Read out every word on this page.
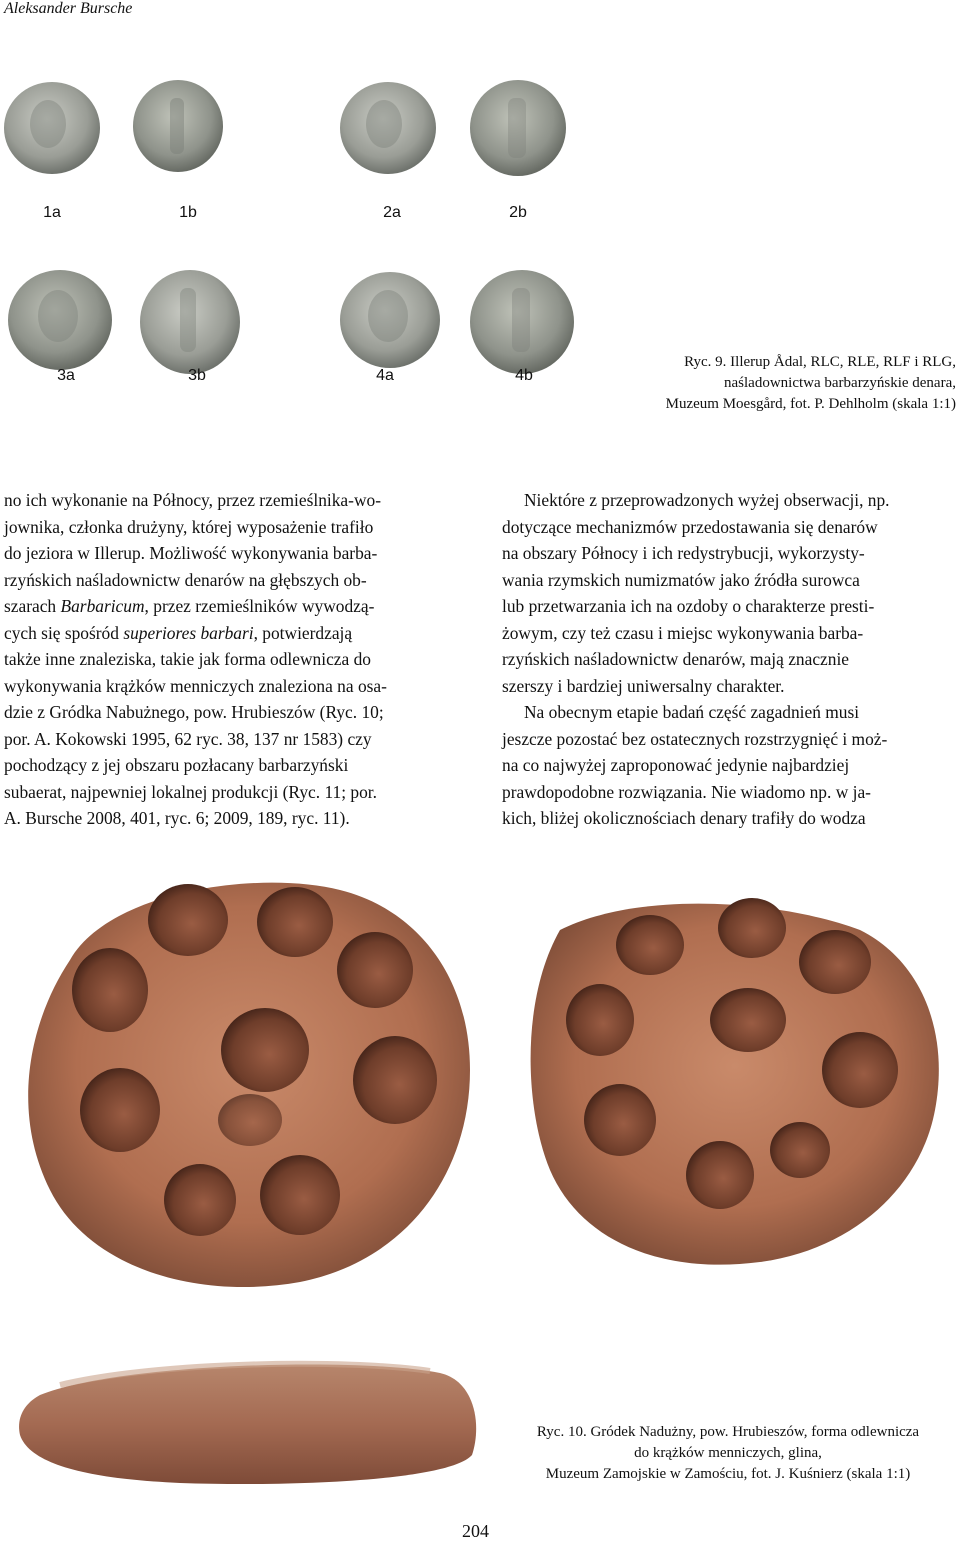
Aleksander Bursche
1a	1b	2a	2b
3a	3b	4a	4b
Ryc. 9. Illerup Ådal, RLC, RLE, RLF i RLG,
naśladownictwa barbarzyńskie denara,
Muzeum Moesgård, fot. P. Dehlholm (skala 1:1)

no ich wykonanie na Północy, przez rzemieślnika-wo-

jownika, członka drużyny, której wyposażenie trafiło

do jeziora w Illerup. Możliwość wykonywania barba-

rzyńskich naśladownictw denarów na głębszych ob-

szarach Barbaricum, przez rzemieślników wywodzą-

cych się spośród superiores barbari, potwierdzają

także inne znaleziska, takie jak forma odlewnicza do

wykonywania krążków menniczych znaleziona na osa-

dzie z Gródka Nabużnego, pow. Hrubieszów (Ryc. 10;

por. A. Kokowski 1995, 62 ryc. 38, 137 nr 1583) czy

pochodzący z jej obszaru pozłacany barbarzyński

subaerat, najpewniej lokalnej produkcji (Ryc. 11; por.

A. Bursche 2008, 401, ryc. 6; 2009, 189, ryc. 11).

Niektóre z przeprowadzonych wyżej obserwacji, np.

dotyczące mechanizmów przedostawania się denarów

na obszary Północy i ich redystrybucji, wykorzysty-

wania rzymskich numizmatów jako źródła surowca

lub przetwarzania ich na ozdoby o charakterze presti-

żowym, czy też czasu i miejsc wykonywania barba-

rzyńskich naśladownictw denarów, mają znacznie

szerszy i bardziej uniwersalny charakter.

Na obecnym etapie badań część zagadnień musi

jeszcze pozostać bez ostatecznych rozstrzygnięć i moż-

na co najwyżej zaproponować jedynie najbardziej

prawdopodobne rozwiązania. Nie wiadomo np. w ja-

kich, bliżej okolicznościach denary trafiły do wodza

Ryc. 10. Gródek Nadużny, pow. Hrubieszów, forma odlewnicza
do krążków menniczych, glina,
Muzeum Zamojskie w Zamościu, fot. J. Kuśnierz (skala 1:1)
204
